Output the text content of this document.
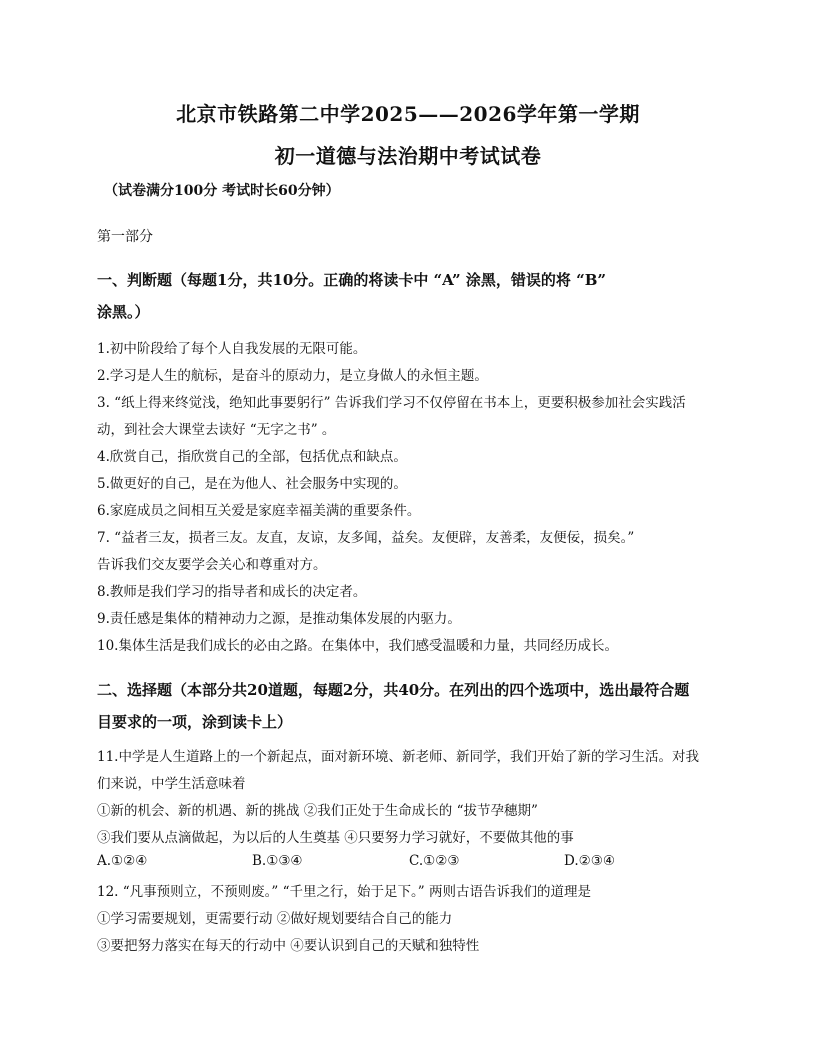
北京市铁路第二中学2025——2026学年第一学期
初一道德与法治期中考试试卷
（试卷满分100分 考试时长60分钟）
第一部分
一、判断题（每题1分，共10分。正确的将读卡中 “A” 涂黑，错误的将 “B”
涂黑。）
1.初中阶段给了每个人自我发展的无限可能。
2.学习是人生的航标，是奋斗的原动力，是立身做人的永恒主题。
3. “纸上得来终觉浅，绝知此事要躬行” 告诉我们学习不仅停留在书本上，更要积极参加社会实践活
动，到社会大课堂去读好 “无字之书” 。
4.欣赏自己，指欣赏自己的全部，包括优点和缺点。
5.做更好的自己，是在为他人、社会服务中实现的。
6.家庭成员之间相互关爱是家庭幸福美满的重要条件。
7. “益者三友，损者三友。友直，友谅，友多闻，益矣。友便辟，友善柔，友便佞，损矣。”
告诉我们交友要学会关心和尊重对方。
8.教师是我们学习的指导者和成长的决定者。
9.责任感是集体的精神动力之源，是推动集体发展的内驱力。
10.集体生活是我们成长的必由之路。在集体中，我们感受温暖和力量，共同经历成长。
二、选择题（本部分共20道题，每题2分，共40分。在列出的四个选项中，选出最符合题
目要求的一项，涂到读卡上）
11.中学是人生道路上的一个新起点，面对新环境、新老师、新同学，我们开始了新的学习生活。对我
们来说，中学生活意味着
①新的机会、新的机遇、新的挑战 ②我们正处于生命成长的 “拔节孕穗期”
③我们要从点滴做起，为以后的人生奠基 ④只要努力学习就好，不要做其他的事
A.①②④	B.①③④	C.①②③	D.②③④
12. “凡事预则立，不预则废。” “千里之行，始于足下。” 两则古语告诉我们的道理是
①学习需要规划，更需要行动 ②做好规划要结合自己的能力
③要把努力落实在每天的行动中 ④要认识到自己的天赋和独特性
